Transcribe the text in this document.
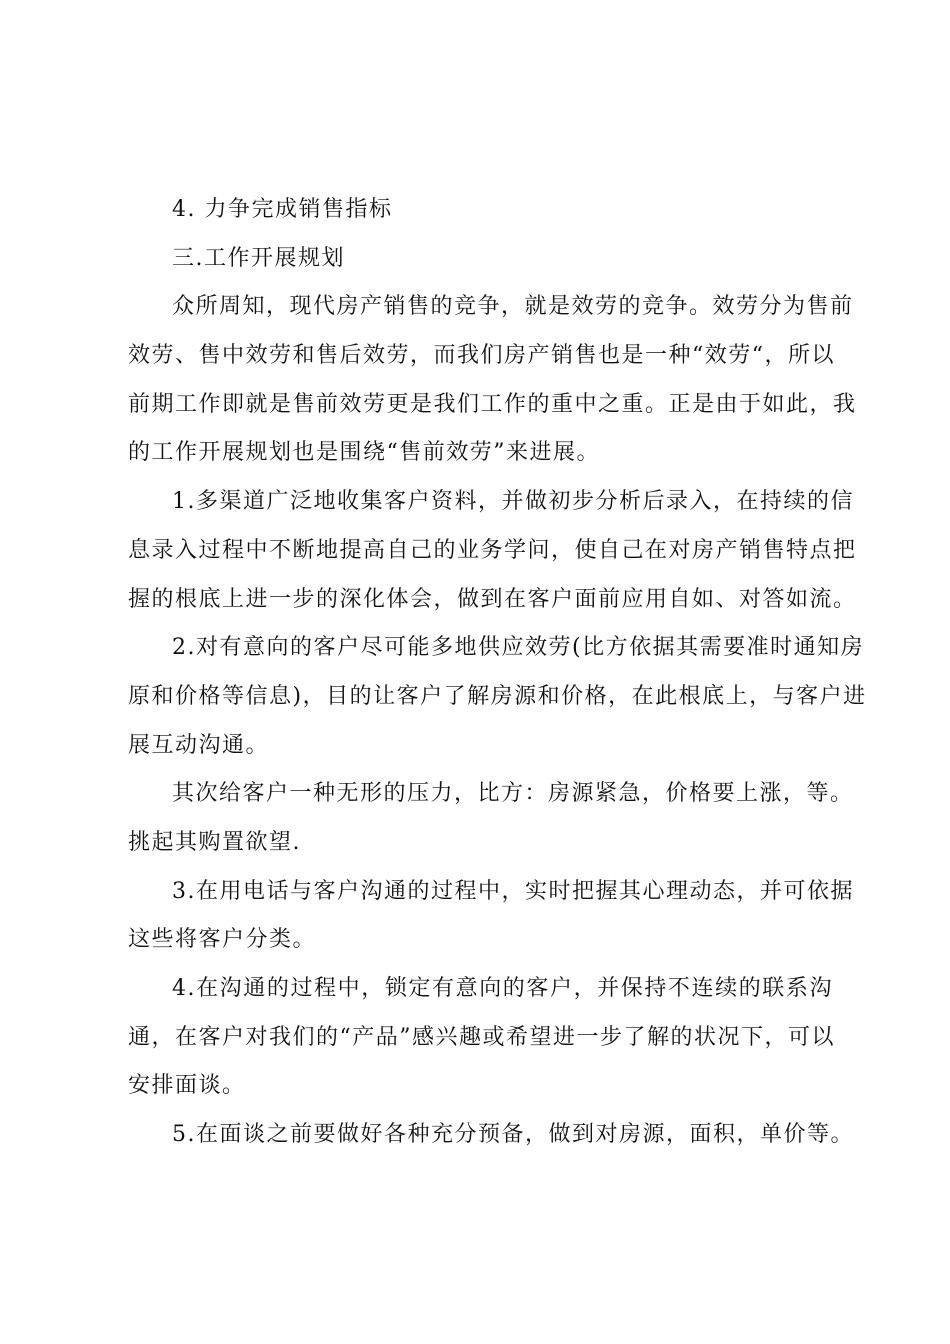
4. 力争完成销售指标
三.工作开展规划
众所周知，现代房产销售的竞争，就是效劳的竞争。效劳分为售前
效劳、售中效劳和售后效劳，而我们房产销售也是一种“效劳“，所以
前期工作即就是售前效劳更是我们工作的重中之重。正是由于如此，我
的工作开展规划也是围绕“售前效劳”来进展。
1.多渠道广泛地收集客户资料，并做初步分析后录入，在持续的信
息录入过程中不断地提高自己的业务学问，使自己在对房产销售特点把
握的根底上进一步的深化体会，做到在客户面前应用自如、对答如流。
2.对有意向的客户尽可能多地供应效劳(比方依据其需要准时通知房
原和价格等信息)，目的让客户了解房源和价格，在此根底上，与客户进
展互动沟通。
其次给客户一种无形的压力，比方：房源紧急，价格要上涨，等。
挑起其购置欲望.
3.在用电话与客户沟通的过程中，实时把握其心理动态，并可依据
这些将客户分类。
4.在沟通的过程中，锁定有意向的客户，并保持不连续的联系沟
通，在客户对我们的“产品”感兴趣或希望进一步了解的状况下，可以
安排面谈。
5.在面谈之前要做好各种充分预备，做到对房源，面积，单价等。
